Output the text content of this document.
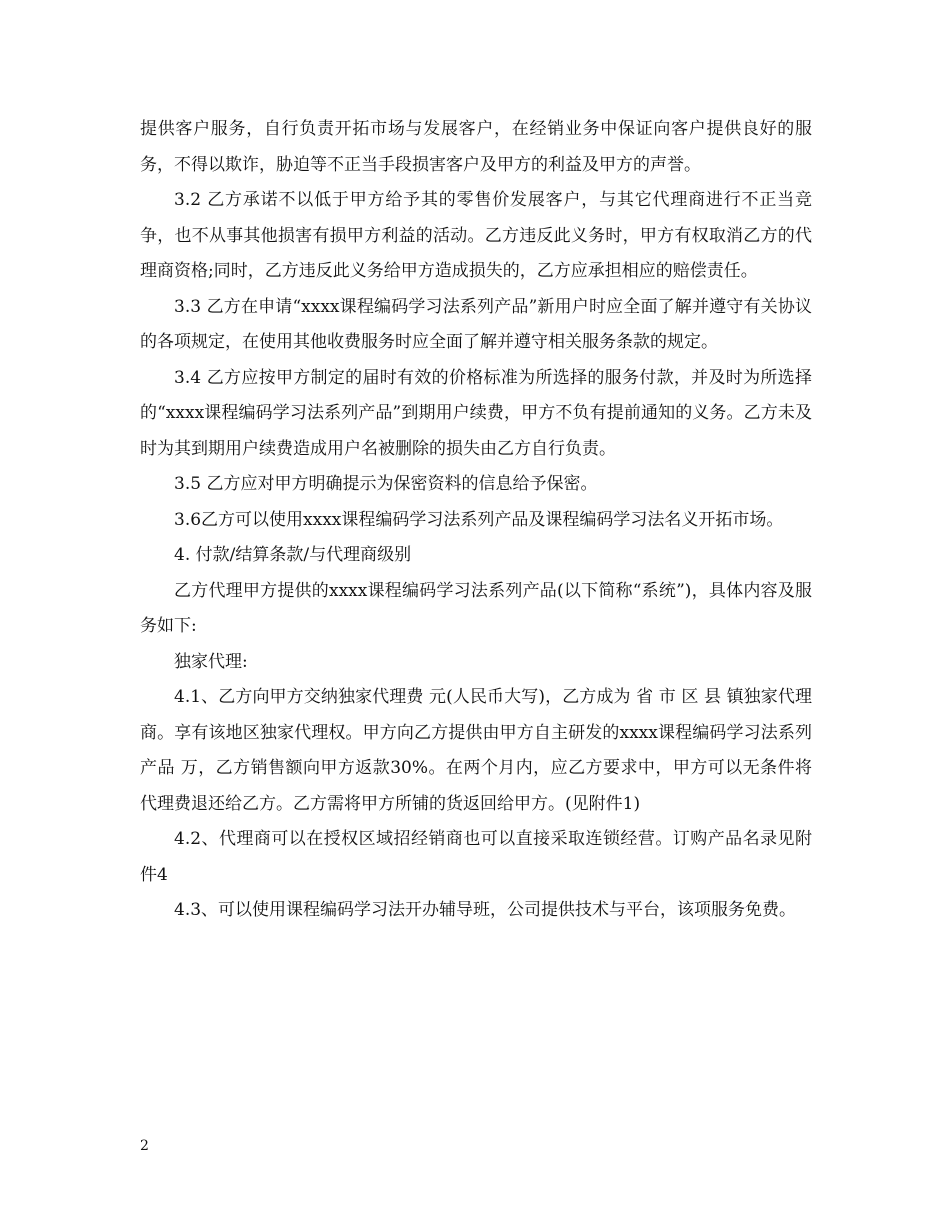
提供客户服务，自行负责开拓市场与发展客户，在经销业务中保证向客户提供良好的服务，不得以欺诈，胁迫等不正当手段损害客户及甲方的利益及甲方的声誉。

3.2 乙方承诺不以低于甲方给予其的零售价发展客户，与其它代理商进行不正当竞争，也不从事其他损害有损甲方利益的活动。乙方违反此义务时，甲方有权取消乙方的代理商资格;同时，乙方违反此义务给甲方造成损失的，乙方应承担相应的赔偿责任。

3.3 乙方在申请“xxxx课程编码学习法系列产品”新用户时应全面了解并遵守有关协议的各项规定，在使用其他收费服务时应全面了解并遵守相关服务条款的规定。

3.4 乙方应按甲方制定的届时有效的价格标准为所选择的服务付款，并及时为所选择的“xxxx课程编码学习法系列产品”到期用户续费，甲方不负有提前通知的义务。乙方未及时为其到期用户续费造成用户名被删除的损失由乙方自行负责。

3.5 乙方应对甲方明确提示为保密资料的信息给予保密。

3.6乙方可以使用xxxx课程编码学习法系列产品及课程编码学习法名义开拓市场。

4. 付款/结算条款/与代理商级别

乙方代理甲方提供的xxxx课程编码学习法系列产品(以下简称“系统”)，具体内容及服务如下:

独家代理:

4.1、乙方向甲方交纳独家代理费 元(人民币大写)，乙方成为 省 市 区 县 镇独家代理商。享有该地区独家代理权。甲方向乙方提供由甲方自主研发的xxxx课程编码学习法系列产品 万，乙方销售额向甲方返款30%。在两个月内，应乙方要求中，甲方可以无条件将代理费退还给乙方。乙方需将甲方所铺的货返回给甲方。(见附件1)

4.2、代理商可以在授权区域招经销商也可以直接采取连锁经营。订购产品名录见附件4

4.3、可以使用课程编码学习法开办辅导班，公司提供技术与平台，该项服务免费。

2
